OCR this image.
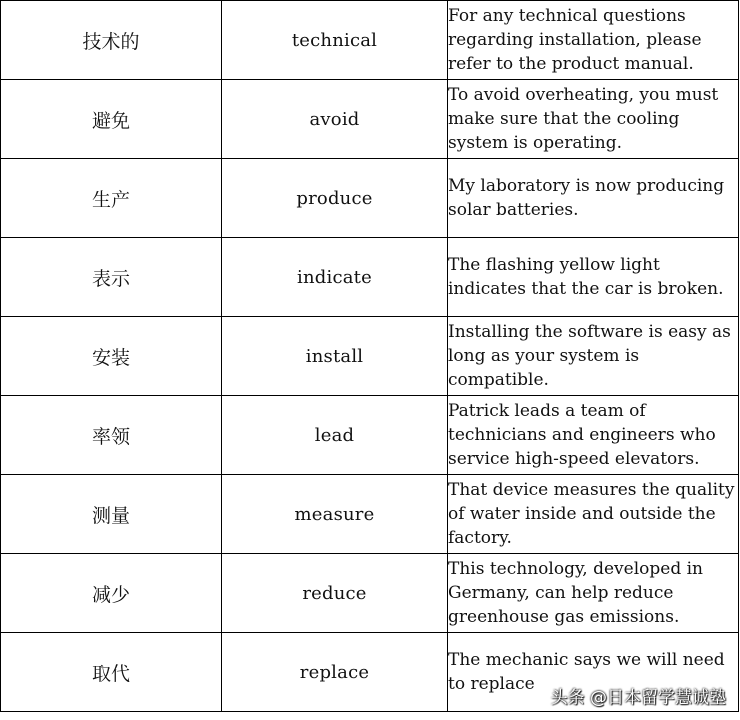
技术的	technical	For any technical questions regarding installation, please refer to the product manual.
避免	avoid	To avoid overheating, you must make sure that the cooling system is operating.
生产	produce	My laboratory is now producing solar batteries.
表示	indicate	The flashing yellow light indicates that the car is broken.
安装	install	Installing the software is easy as long as your system is compatible.
率领	lead	Patrick leads a team of technicians and engineers who service high-speed elevators.
测量	measure	That device measures the quality of water inside and outside the factory.
减少	reduce	This technology, developed in Germany, can help reduce greenhouse gas emissions.
取代	replace	The mechanic says we will need to replace
头条 @日本留学慧诚塾
